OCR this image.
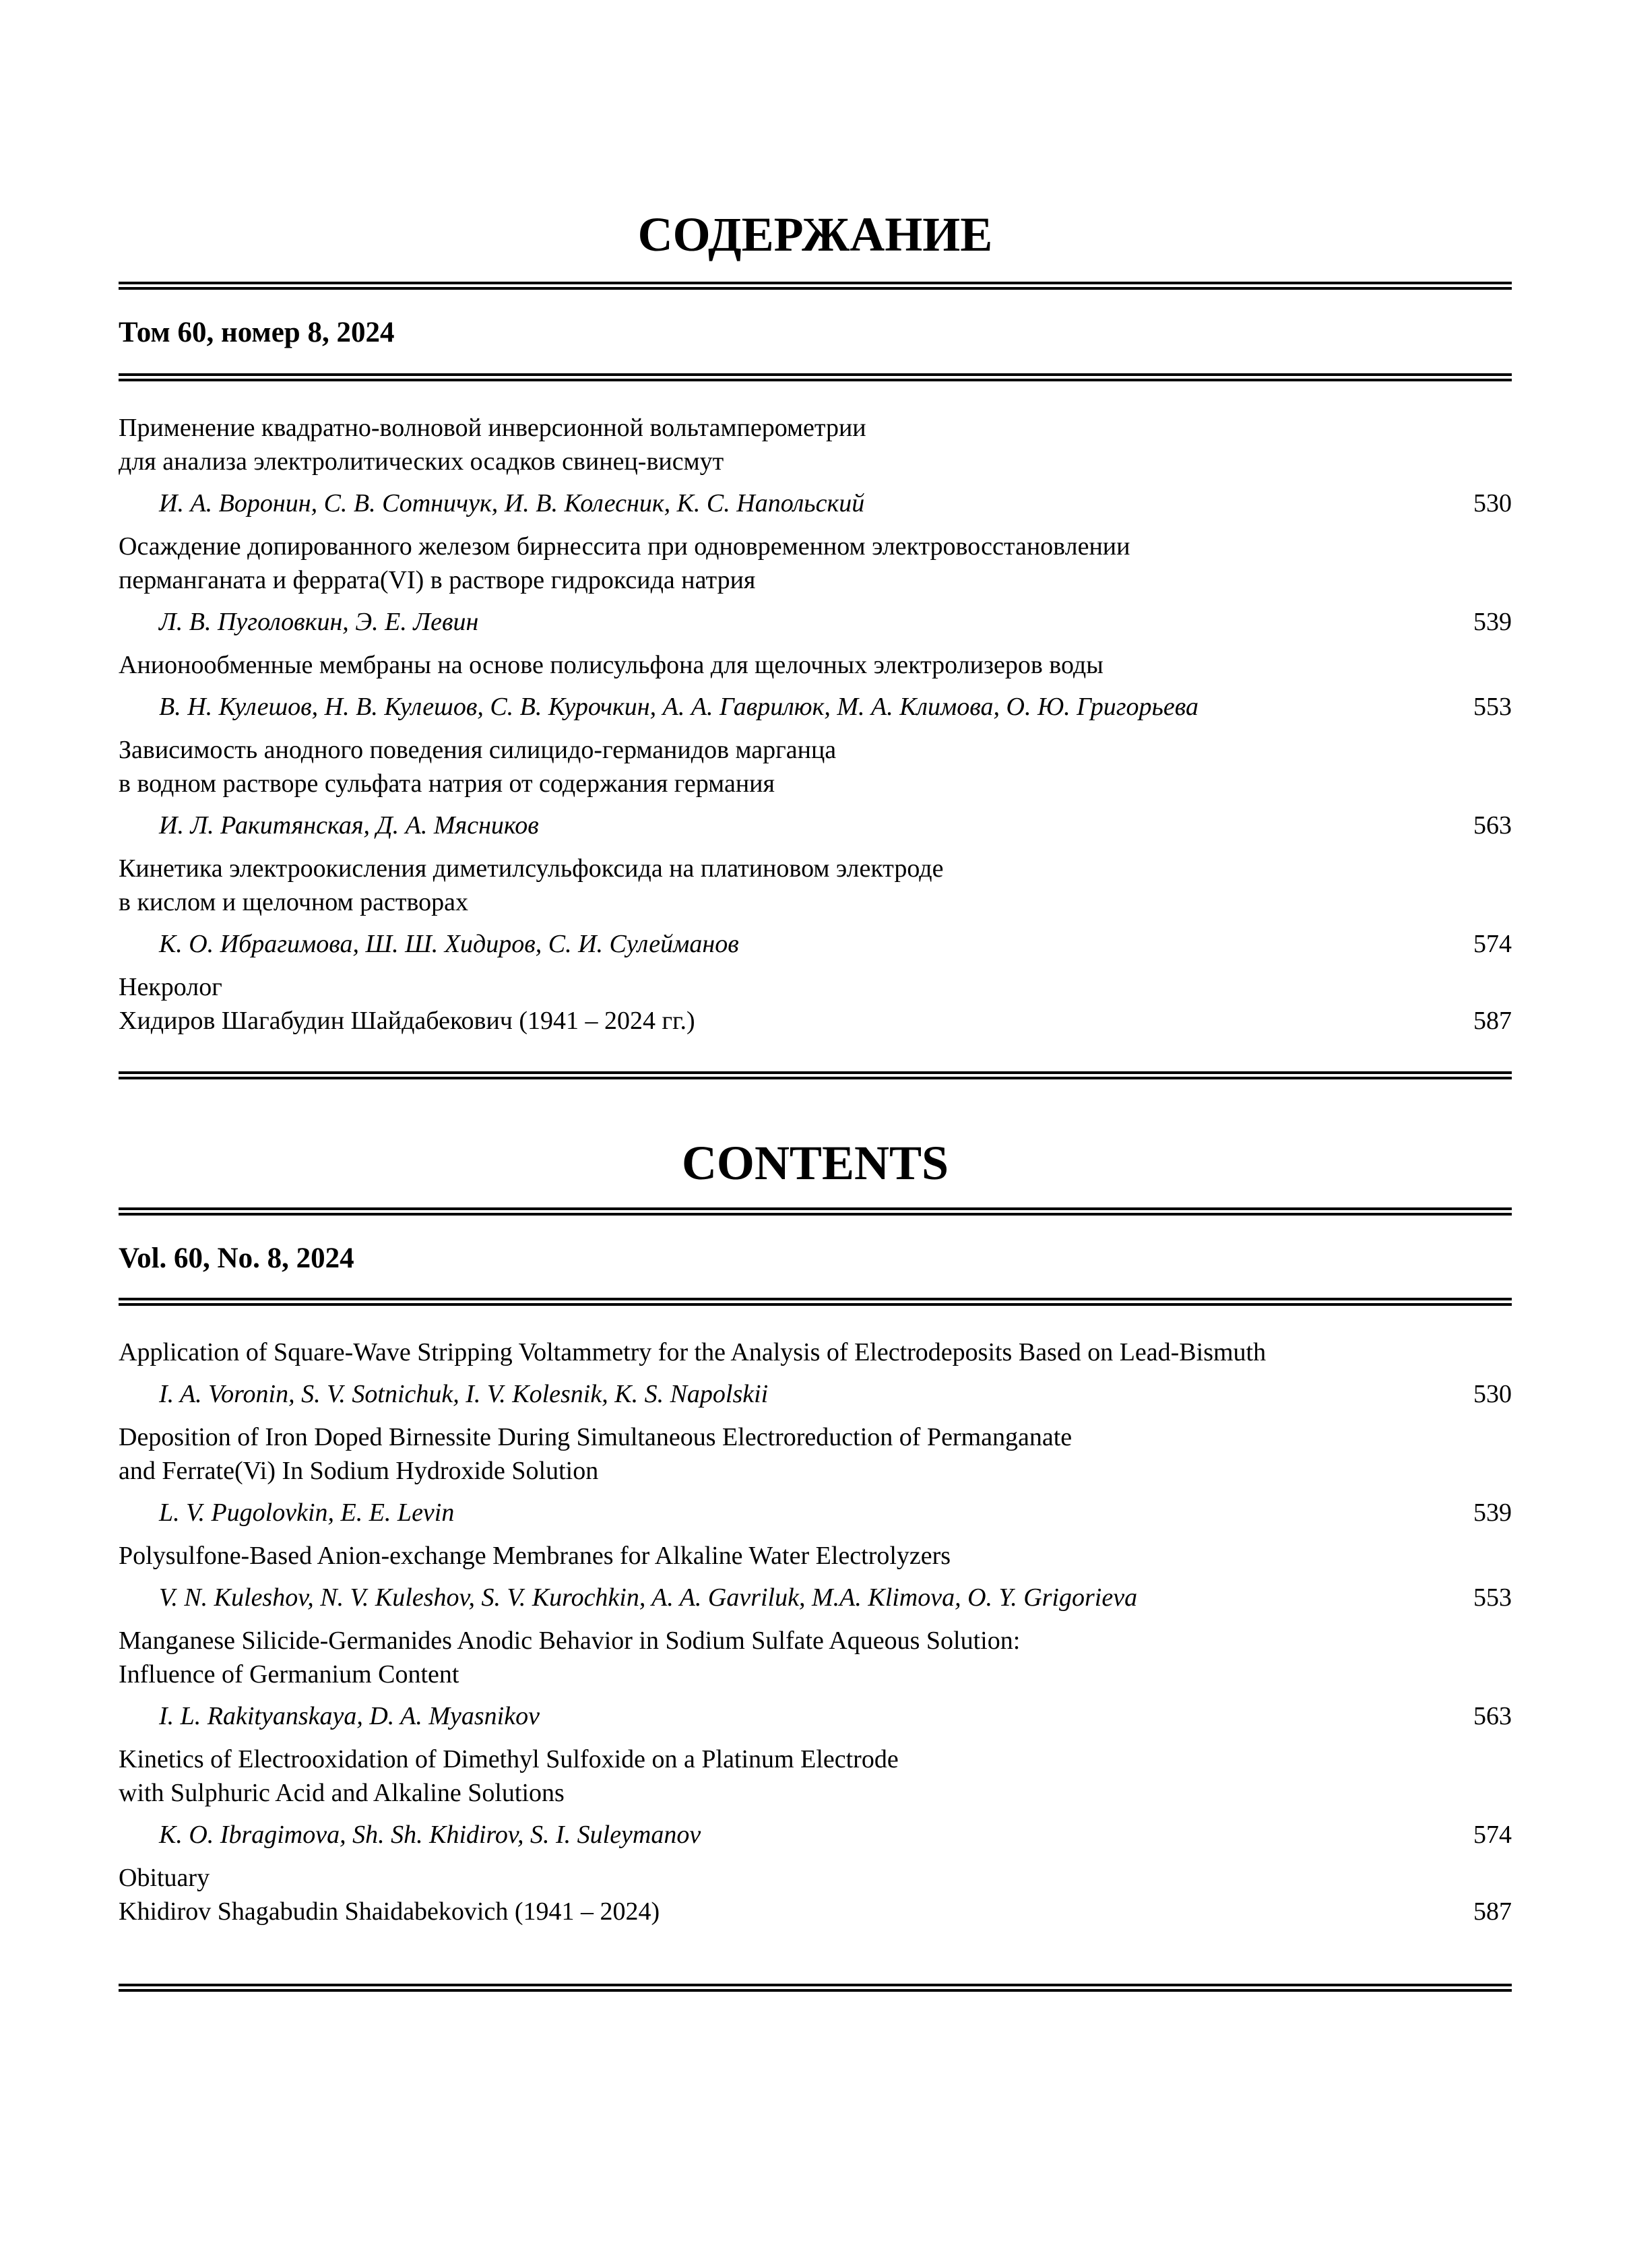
СОДЕРЖАНИЕ
Том 60, номер 8, 2024
Применение квадратно-волновой инверсионной вольтамперометрии
для анализа электролитических осадков свинец-висмут
И. А. Воронин, С. В. Сотничук, И. В. Колесник, К. С. Напольский	530
Осаждение допированного железом бирнессита при одновременном электровосстановлении
перманганата и феррата(VI) в растворе гидроксида натрия
Л. В. Пуголовкин, Э. Е. Левин	539
Анионообменные мембраны на основе полисульфона для щелочных электролизеров воды
В. Н. Кулешов, Н. В. Кулешов, С. В. Курочкин, А. А. Гаврилюк, М. А. Климова, О. Ю. Григорьева	553
Зависимость анодного поведения силицидо-германидов марганца
в водном растворе сульфата натрия от содержания германия
И. Л. Ракитянская, Д. А. Мясников	563
Кинетика электроокисления диметилсульфоксида на платиновом электроде
в кислом и щелочном растворах
К. О. Ибрагимова, Ш. Ш. Хидиров, С. И. Сулейманов	574
Некролог
Хидиров Шагабудин Шайдабекович (1941 – 2024 гг.)	587
CONTENTS
Vol. 60, No. 8, 2024
Application of Square-Wave Stripping Voltammetry for the Analysis of Electrodeposits Based on Lead-Bismuth
I. A. Voronin, S. V. Sotnichuk, I. V. Kolesnik, K. S. Napolskii	530
Deposition of Iron Doped Birnessite During Simultaneous Electroreduction of Permanganate
and Ferrate(Vi) In Sodium Hydroxide Solution
L. V. Pugolovkin, E. E. Levin	539
Polysulfone-Based Anion-exchange Membranes for Alkaline Water Electrolyzers
V. N. Kuleshov, N. V. Kuleshov, S. V. Kurochkin, A. A. Gavriluk, M.A. Klimova, O. Y. Grigorieva	553
Manganese Silicide-Germanides Anodic Behavior in Sodium Sulfate Aqueous Solution:
Influence of Germanium Content
I. L. Rakityanskaya, D. A. Myasnikov	563
Kinetics of Electrooxidation of Dimethyl Sulfoxide on a Platinum Electrode
with Sulphuric Acid and Alkaline Solutions
K. O. Ibragimova, Sh. Sh. Khidirov, S. I. Suleymanov	574
Obituary
Khidirov Shagabudin Shaidabekovich (1941 – 2024)	587
